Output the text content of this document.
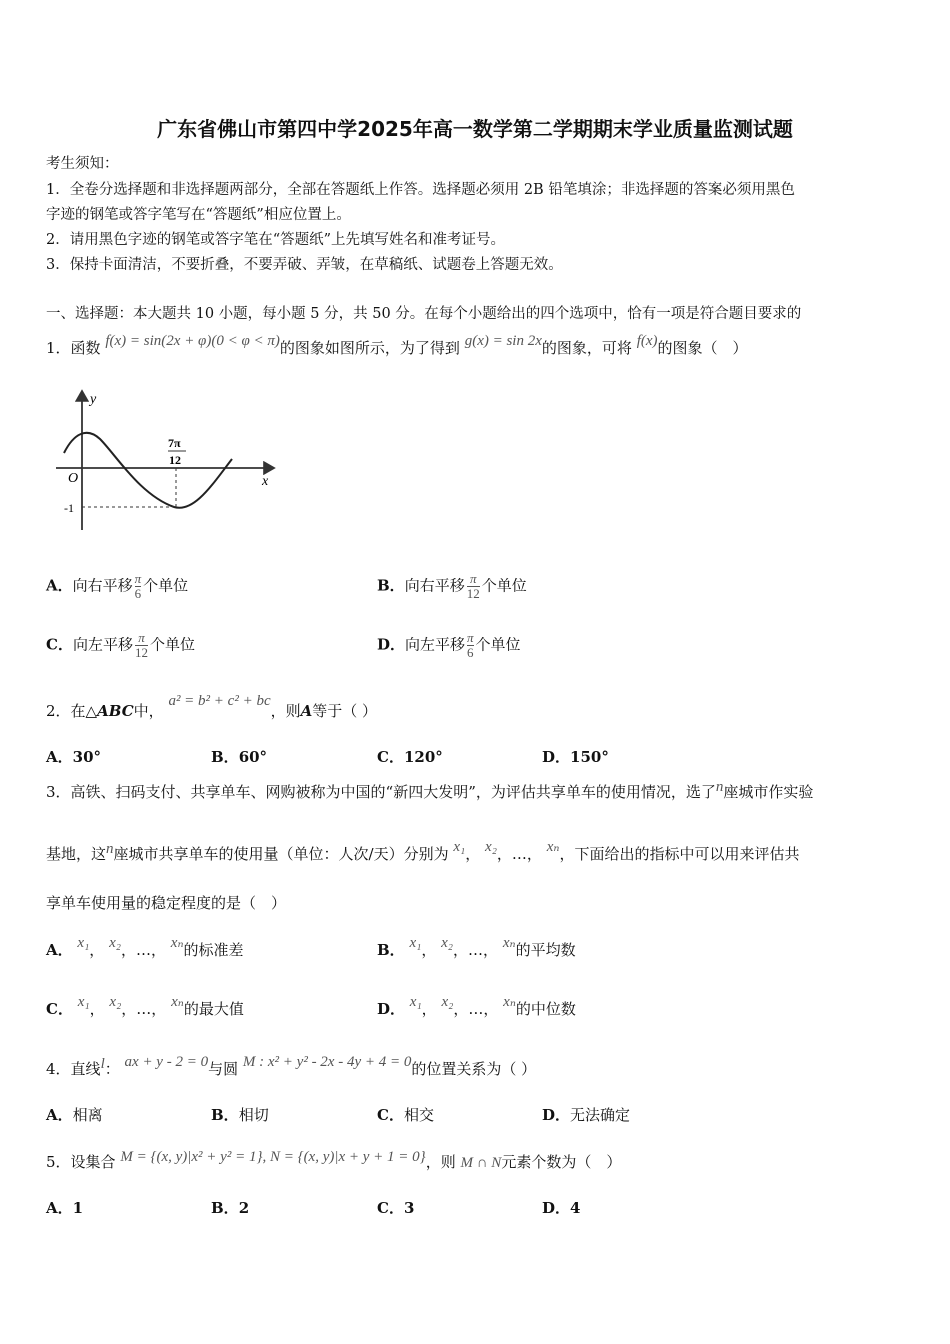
广东省佛山市第四中学2025年高一数学第二学期期末学业质量监测试题
考生须知：
1．全卷分选择题和非选择题两部分，全部在答题纸上作答。选择题必须用 2B 铅笔填涂；非选择题的答案必须用黑色
字迹的钢笔或答字笔写在“答题纸”相应位置上。
2．请用黑色字迹的钢笔或答字笔在“答题纸”上先填写姓名和准考证号。
3．保持卡面清洁，不要折叠，不要弄破、弄皱，在草稿纸、试题卷上答题无效。
一、选择题：本大题共 10 小题，每小题 5 分，共 50 分。在每个小题给出的四个选项中，恰有一项是符合题目要求的
1．函数 f(x) = sin(2x + φ)(0 < φ < π)的图象如图所示，为了得到 g(x) = sin 2x的图象，可将 f(x)的图象（　）
y
x
O
7π
12
-1
A．向右平移 $\frac{\pi}{6}$ 个单位	B．向右平移 $\frac{\pi}{12}$ 个单位
C．向左平移 $\frac{\pi}{12}$ 个单位	D．向左平移 $\frac{\pi}{6}$ 个单位
2．在△ABC中， a² = b² + c² + bc，则A等于（ ）
A．30°	B．60°	C．120°	D．150°
3．高铁、扫码支付、共享单车、网购被称为中国的“新四大发明”，为评估共享单车的使用情况，选了n座城市作实验
基地，这n座城市共享单车的使用量（单位：人次/天）分别为 x₁， x₂，…， xₙ，下面给出的指标中可以用来评估共
享单车使用量的稳定程度的是（　）
A． x₁， x₂，…， xₙ的标准差	B． x₁， x₂，…， xₙ的平均数
C． x₁， x₂，…， xₙ的最大值	D． x₁， x₂，…， xₙ的中位数
4．直线l： ax + y - 2 = 0与圆 M : x² + y² - 2x - 4y + 4 = 0的位置关系为（ ）
A．相离	B．相切	C．相交	D．无法确定
5．设集合 M = {(x, y)|x² + y² = 1}, N = {(x, y)|x + y + 1 = 0}，则 M ∩ N元素个数为（　）
A．1	B．2	C．3	D．4
